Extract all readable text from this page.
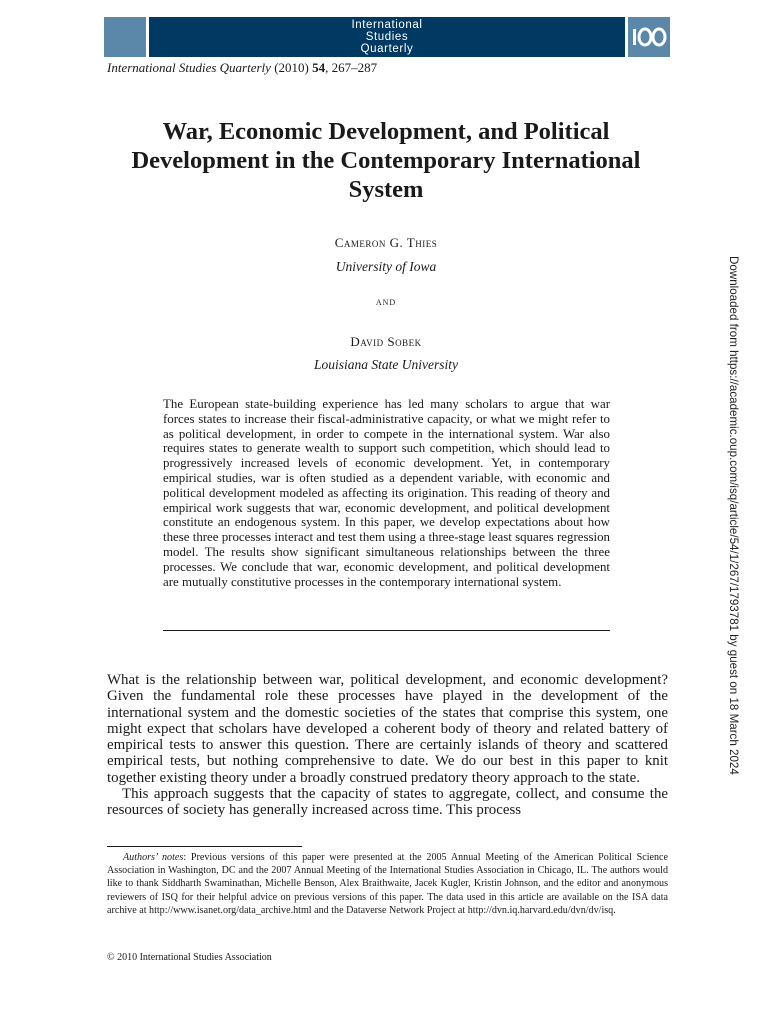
International
Studies
Quarterly
International Studies Quarterly (2010) 54, 267–287
War, Economic Development, and Political Development in the Contemporary International System
Cameron G. Thies
University of Iowa
and
David Sobek
Louisiana State University
The European state-building experience has led many scholars to argue that war forces states to increase their fiscal-administrative capacity, or what we might refer to as political development, in order to compete in the international system. War also requires states to generate wealth to support such competition, which should lead to progressively increased levels of economic development. Yet, in contemporary empirical studies, war is often studied as a dependent variable, with economic and political development modeled as affecting its origination. This reading of theory and empirical work suggests that war, economic development, and political development constitute an endogenous system. In this paper, we develop expectations about how these three processes interact and test them using a three-stage least squares regression model. The results show significant simultaneous relationships between the three processes. We conclude that war, economic development, and political development are mutually constitutive processes in the contemporary international system.

What is the relationship between war, political development, and economic development? Given the fundamental role these processes have played in the development of the international system and the domestic societies of the states that comprise this system, one might expect that scholars have developed a coherent body of theory and related battery of empirical tests to answer this question. There are certainly islands of theory and scattered empirical tests, but nothing comprehensive to date. We do our best in this paper to knit together existing theory under a broadly construed predatory theory approach to the state.

This approach suggests that the capacity of states to aggregate, collect, and consume the resources of society has generally increased across time. This process

Authors’ notes: Previous versions of this paper were presented at the 2005 Annual Meeting of the American Political Science Association in Washington, DC and the 2007 Annual Meeting of the International Studies Association in Chicago, IL. The authors would like to thank Siddharth Swaminathan, Michelle Benson, Alex Braithwaite, Jacek Kugler, Kristin Johnson, and the editor and anonymous reviewers of ISQ for their helpful advice on previous versions of this paper. The data used in this article are available on the ISA data archive at http://www.isanet.org/data_archive.html and the Dataverse Network Project at http://dvn.iq.harvard.edu/dvn/dv/isq.
© 2010 International Studies Association
Downloaded from https://academic.oup.com/isq/article/54/1/267/1793781 by guest on 18 March 2024
